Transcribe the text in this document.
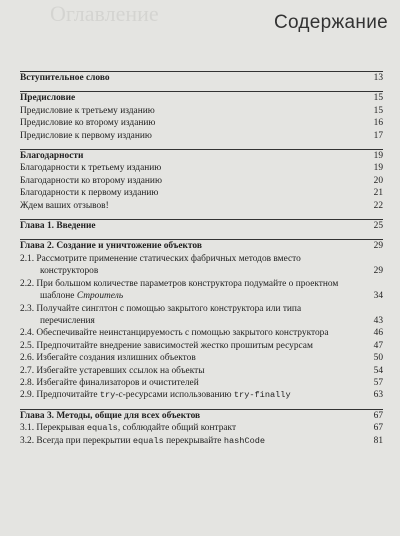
Оглавление	Содержание
Вступительное слово	13
Предисловие	15
Предисловие к третьему изданию	15
Предисловие ко второму изданию	16
Предисловие к первому изданию	17
Благодарности	19
Благодарности к третьему изданию	19
Благодарности ко второму изданию	20
Благодарности к первому изданию	21
Ждем ваших отзывов!	22
Глава 1. Введение	25
Глава 2. Создание и уничтожение объектов	29
2.1. Рассмотрите применение статических фабричных методов вместо конструкторов	29
2.2. При большом количестве параметров конструктора подумайте о проектном шаблоне Строитель	34
2.3. Получайте синглтон с помощью закрытого конструктора или типа перечисления	43
2.4. Обеспечивайте неинстанцируемость с помощью закрытого конструктора	46
2.5. Предпочитайте внедрение зависимостей жестко прошитым ресурсам	47
2.6. Избегайте создания излишних объектов	50
2.7. Избегайте устаревших ссылок на объекты	54
2.8. Избегайте финализаторов и очистителей	57
2.9. Предпочитайте try-с-ресурсами использованию try-finally	63
Глава 3. Методы, общие для всех объектов	67
3.1. Перекрывая equals, соблюдайте общий контракт	67
3.2. Всегда при перекрытии equals перекрывайте hashCode	81
